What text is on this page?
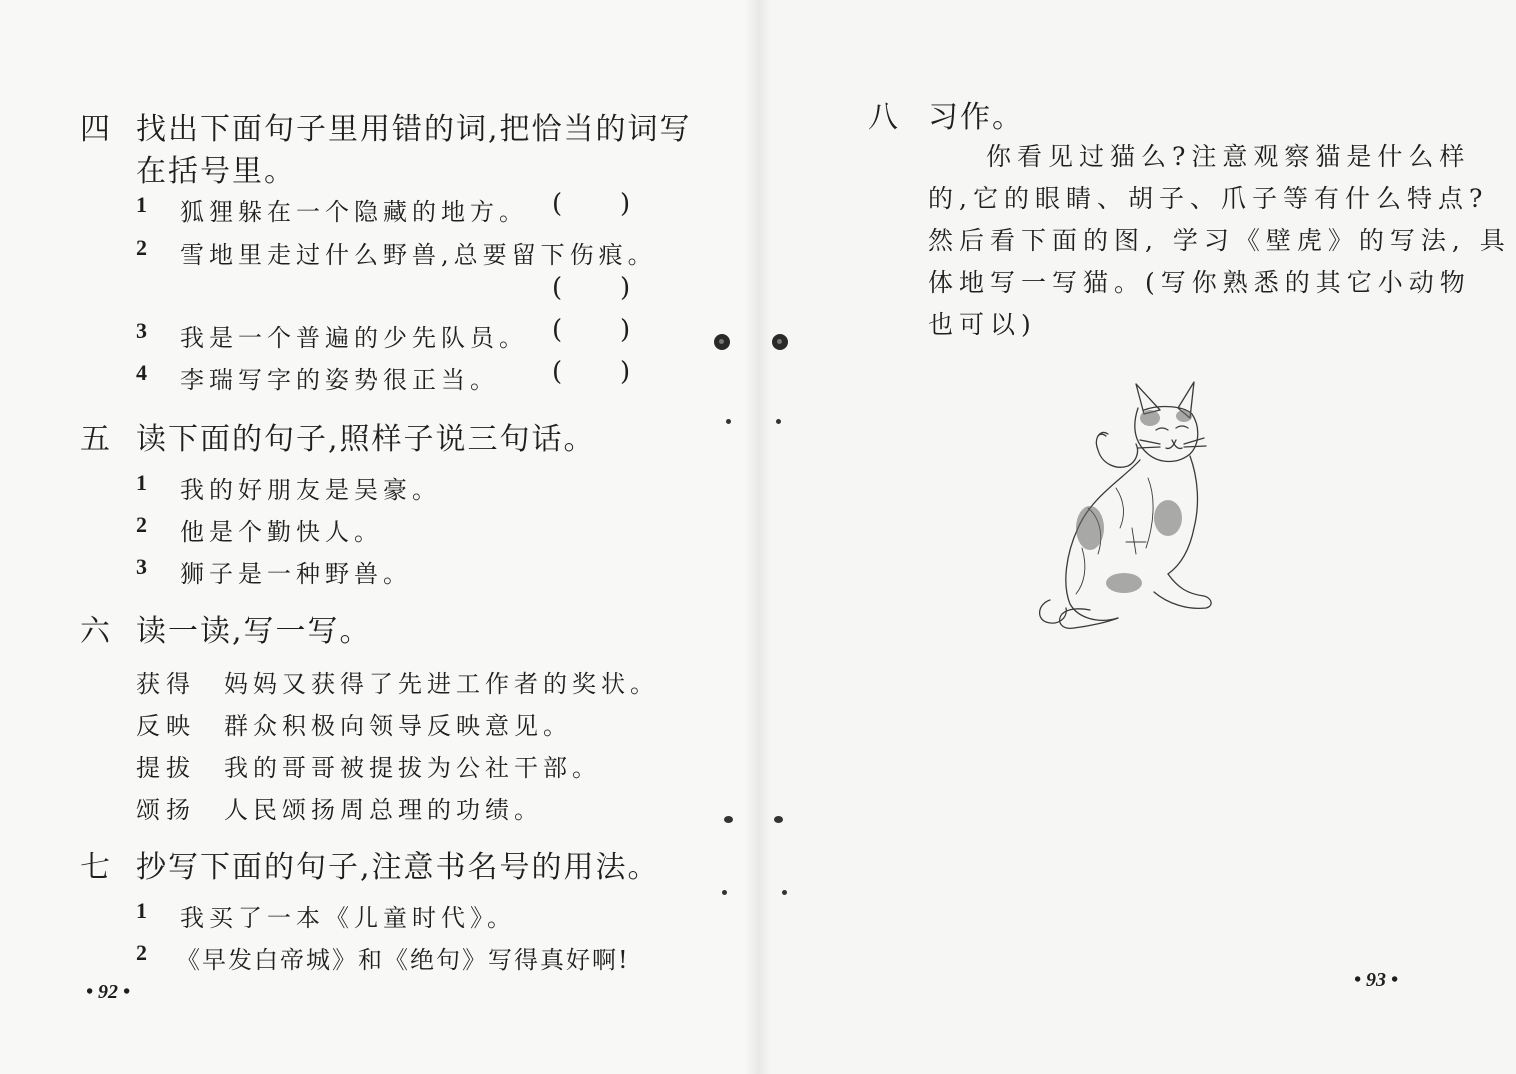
四 找出下面句子里用错的词,把恰当的词写
在括号里。
1 狐狸躲在一个隐藏的地方。 ( )
2 雪地里走过什么野兽,总要留下伤痕。
( )
3 我是一个普遍的少先队员。 ( )
4 李瑞写字的姿势很正当。 ( )
五 读下面的句子,照样子说三句话。
1 我的好朋友是吴豪。
2 他是个勤快人。
3 狮子是一种野兽。
六 读一读,写一写。
获得 妈妈又获得了先进工作者的奖状。
反映 群众积极向领导反映意见。
提拔 我的哥哥被提拔为公社干部。
颂扬 人民颂扬周总理的功绩。
七 抄写下面的句子,注意书名号的用法。
1 我买了一本《儿童时代》。
2 《早发白帝城》和《绝句》写得真好啊!
• 92 •
八 习作。
你看见过猫么?注意观察猫是什么样
的,它的眼睛、胡子、爪子等有什么特点?
然后看下面的图, 学习《壁虎》的写法, 具
体地写一写猫。(写你熟悉的其它小动物
也可以)
• 93 •
